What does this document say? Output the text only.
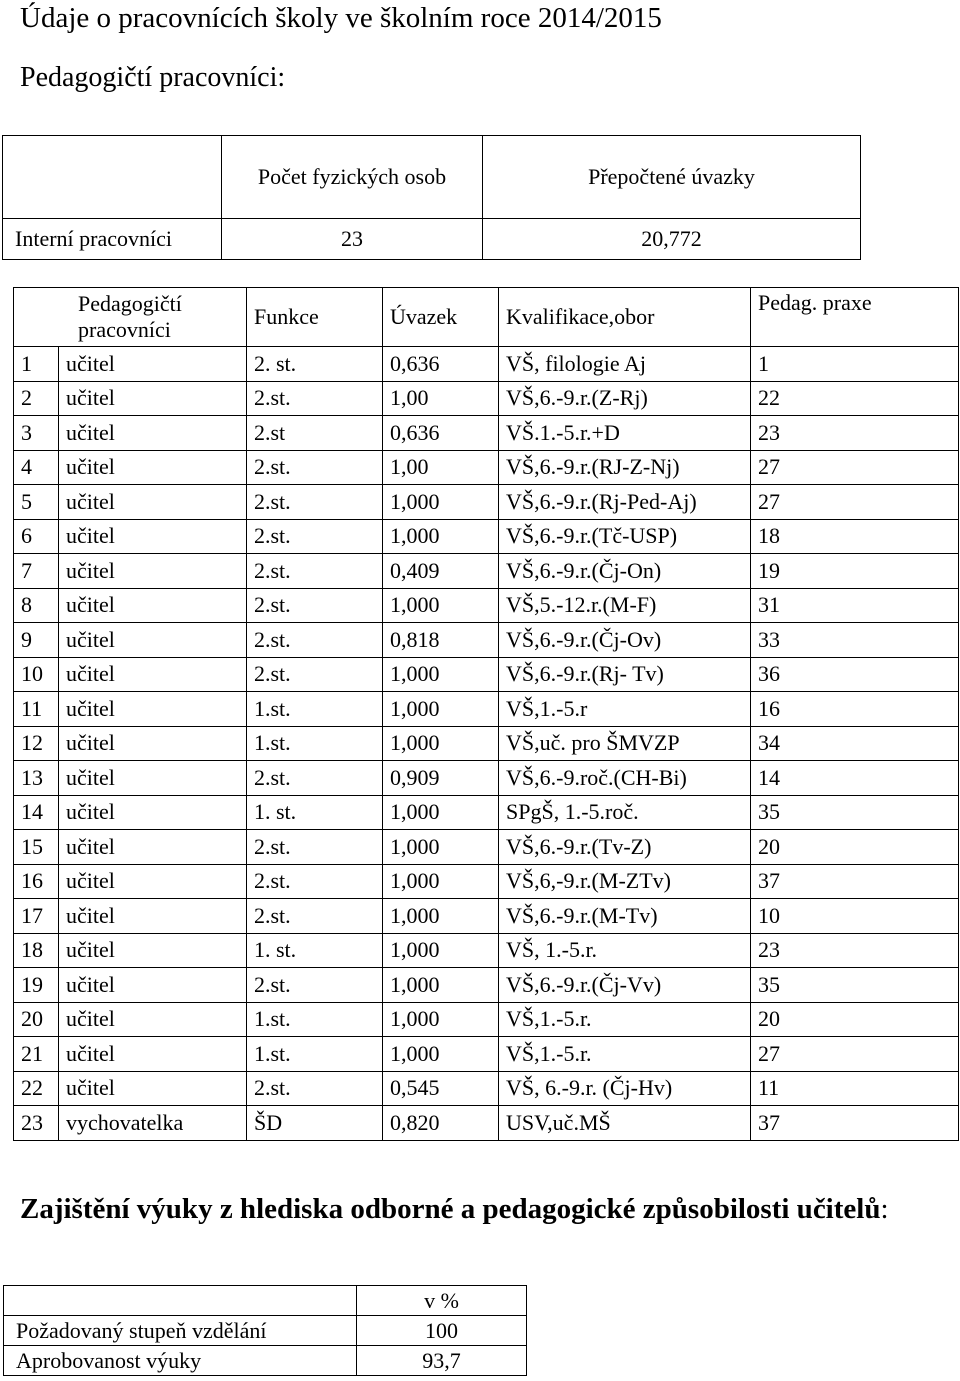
Údaje o pracovnících školy ve školním roce 2014/2015
Pedagogičtí pracovníci:
	Počet fyzických osob	Přepočtené úvazky
Interní pracovníci	23	20,772
Pedagogičtí pracovníci		Funkce	Úvazek	Kvalifikace,obor	Pedag. praxe
1	učitel	2. st.	0,636	VŠ, filologie Aj	1
2	učitel	2.st.	1,00	VŠ,6.-9.r.(Z-Rj)	22
3	učitel	2.st	0,636	VŠ.1.-5.r.+D	23
4	učitel	2.st.	1,00	VŠ,6.-9.r.(RJ-Z-Nj)	27
5	učitel	2.st.	1,000	VŠ,6.-9.r.(Rj-Ped-Aj)	27
6	učitel	2.st.	1,000	VŠ,6.-9.r.(Tč-USP)	18
7	učitel	2.st.	0,409	VŠ,6.-9.r.(Čj-On)	19
8	učitel	2.st.	1,000	VŠ,5.-12.r.(M-F)	31
9	učitel	2.st.	0,818	VŠ,6.-9.r.(Čj-Ov)	33
10	učitel	2.st.	1,000	VŠ,6.-9.r.(Rj- Tv)	36
11	učitel	1.st.	1,000	VŠ,1.-5.r	16
12	učitel	1.st.	1,000	VŠ,uč. pro ŠMVZP	34
13	učitel	2.st.	0,909	VŠ,6.-9.roč.(CH-Bi)	14
14	učitel	1. st.	1,000	SPgŠ, 1.-5.roč.	35
15	učitel	2.st.	1,000	VŠ,6.-9.r.(Tv-Z)	20
16	učitel	2.st.	1,000	VŠ,6,-9.r.(M-ZTv)	37
17	učitel	2.st.	1,000	VŠ,6.-9.r.(M-Tv)	10
18	učitel	1. st.	1,000	VŠ, 1.-5.r.	23
19	učitel	2.st.	1,000	VŠ,6.-9.r.(Čj-Vv)	35
20	učitel	1.st.	1,000	VŠ,1.-5.r.	20
21	učitel	1.st.	1,000	VŠ,1.-5.r.	27
22	učitel	2.st.	0,545	VŠ, 6.-9.r. (Čj-Hv)	11
23	vychovatelka	ŠD	0,820	USV,uč.MŠ	37
Zajištění výuky z hlediska odborné a pedagogické způsobilosti učitelů:
	v %
Požadovaný stupeň vzdělání	100
Aprobovanost výuky	93,7
